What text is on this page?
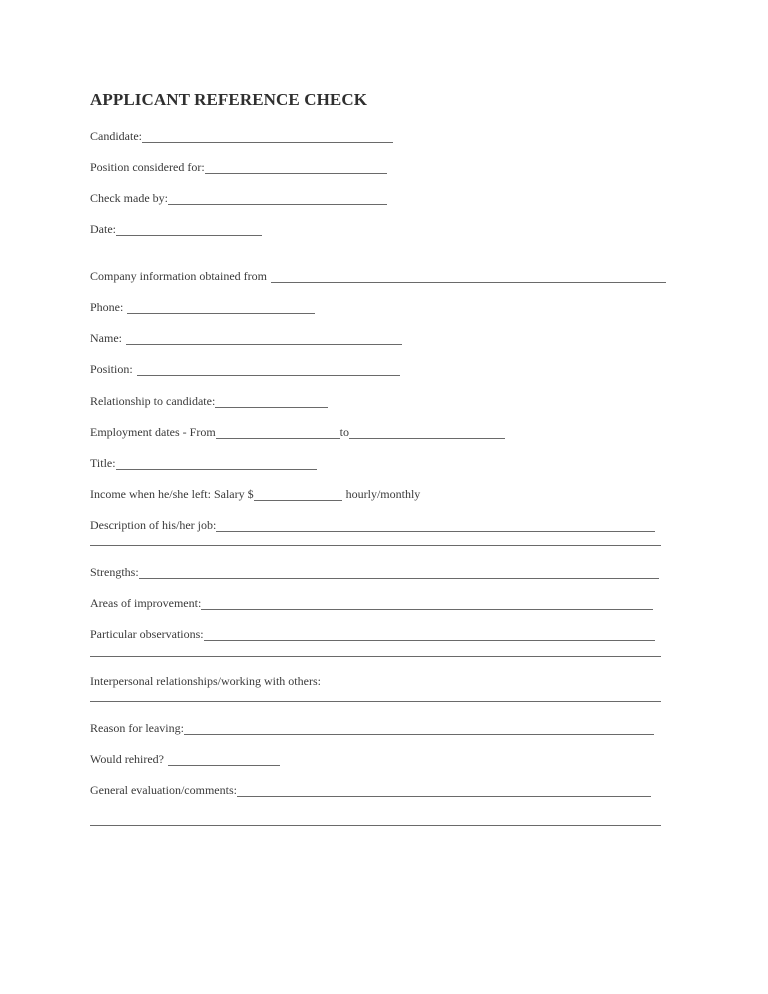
APPLICANT REFERENCE CHECK
Candidate:
Position considered for:
Check made by:
Date:
Company information obtained from
Phone:
Name:
Position:
Relationship to candidate:
Employment dates - From	to
Title:
Income when he/she left: Salary $	hourly/monthly
Description of his/her job:
Strengths:
Areas of improvement:
Particular observations:
Interpersonal relationships/working with others:
Reason for leaving:
Would rehired?
General evaluation/comments:
